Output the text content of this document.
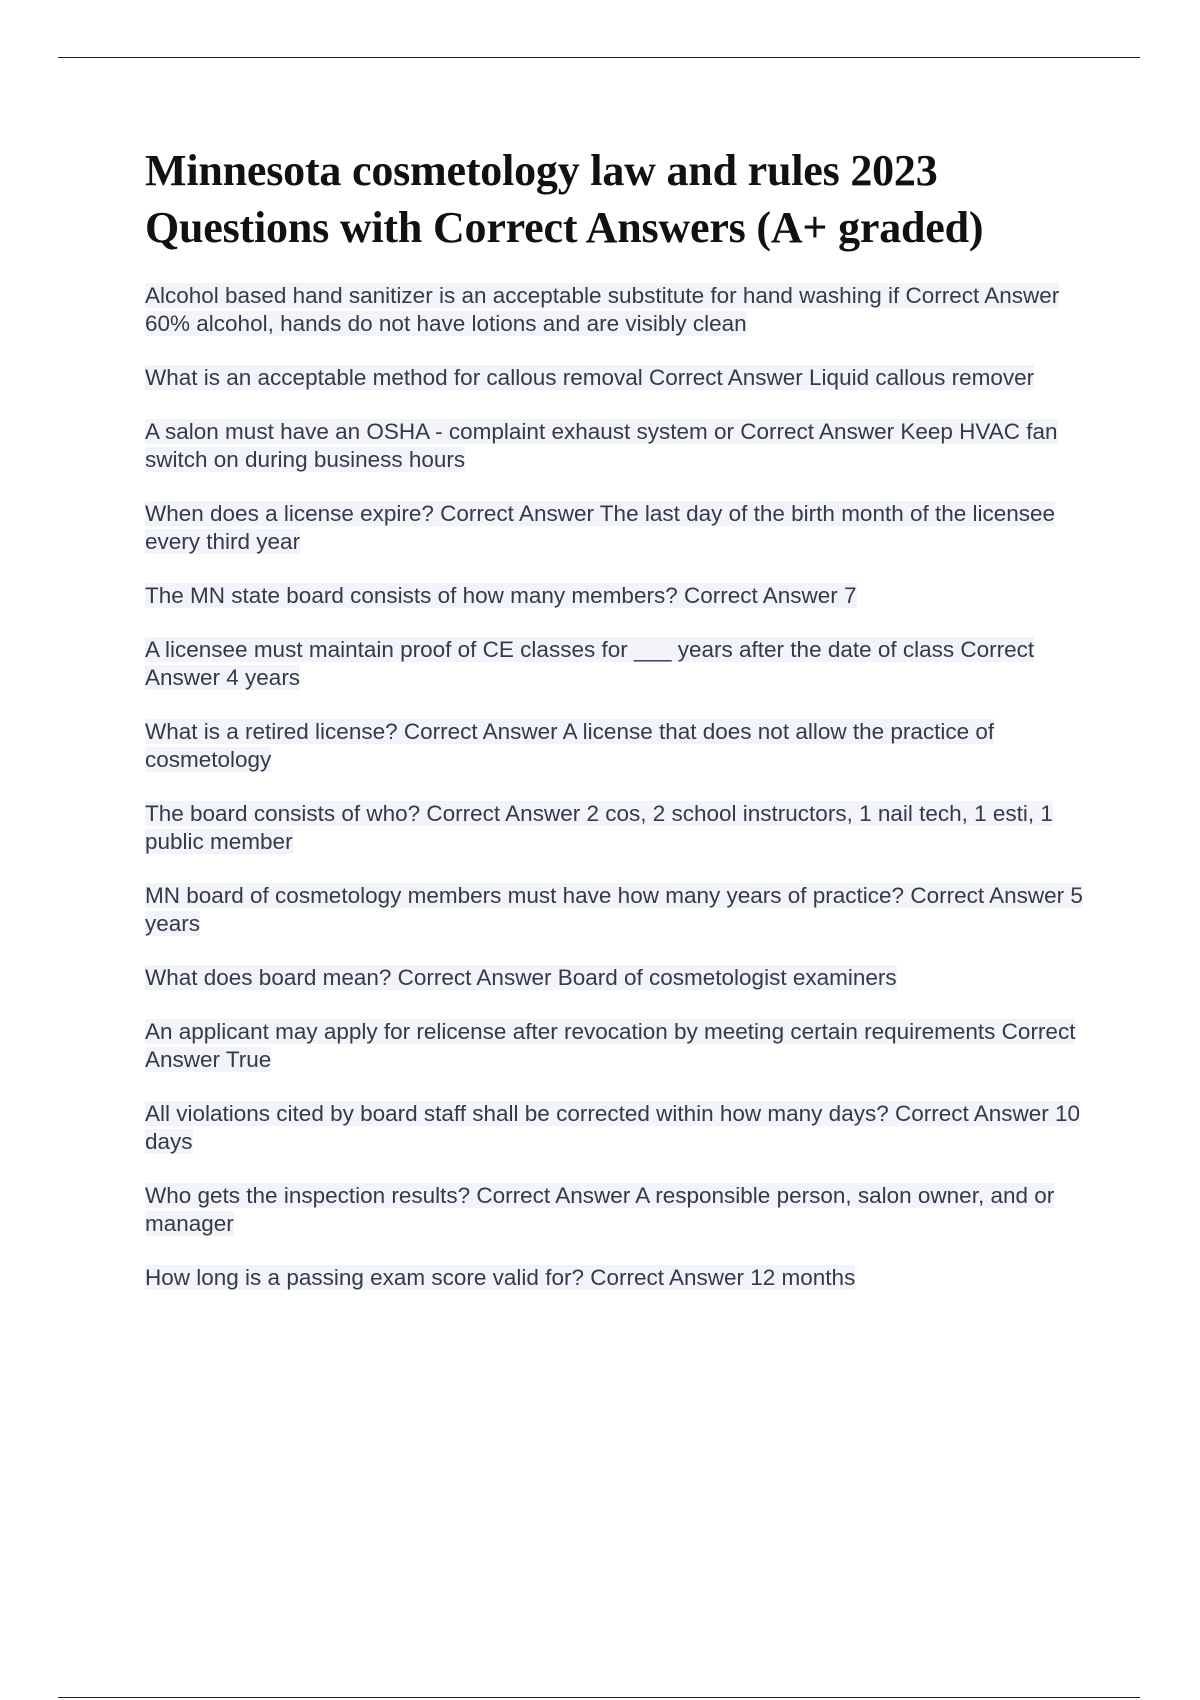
Minnesota cosmetology law and rules 2023 Questions with Correct Answers (A+ graded)
Alcohol based hand sanitizer is an acceptable substitute for hand washing if Correct Answer 60% alcohol, hands do not have lotions and are visibly clean
What is an acceptable method for callous removal Correct Answer Liquid callous remover
A salon must have an OSHA - complaint exhaust system or Correct Answer Keep HVAC fan switch on during business hours
When does a license expire? Correct Answer The last day of the birth month of the licensee every third year
The MN state board consists of how many members? Correct Answer 7
A licensee must maintain proof of CE classes for ___ years after the date of class Correct Answer 4 years
What is a retired license? Correct Answer A license that does not allow the practice of cosmetology
The board consists of who? Correct Answer 2 cos, 2 school instructors, 1 nail tech, 1 esti, 1 public member
MN board of cosmetology members must have how many years of practice? Correct Answer 5 years
What does board mean? Correct Answer Board of cosmetologist examiners
An applicant may apply for relicense after revocation by meeting certain requirements Correct Answer True
All violations cited by board staff shall be corrected within how many days? Correct Answer 10 days
Who gets the inspection results? Correct Answer A responsible person, salon owner, and or manager
How long is a passing exam score valid for? Correct Answer 12 months
